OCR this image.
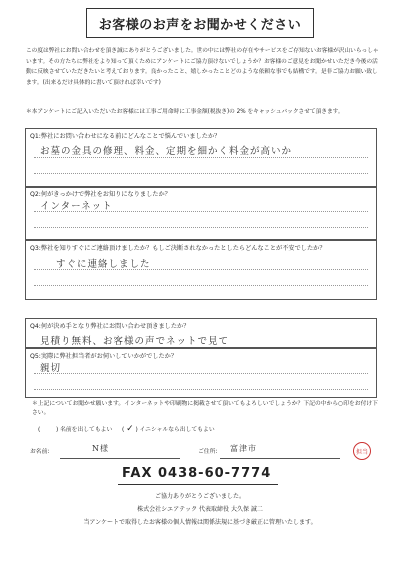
お客様のお声をお聞かせください
この度は弊社にお問い合わせを頂き誠にありがとうございました。世の中には弊社の存在やサービスをご存知ないお客様が沢山いらっしゃいます。その方たちに弊社をより知って頂くためにアンケートにご協力頂けないでしょうか？お客様のご意見をお聞かせいただき今後の活動に反映させていただきたいと考えております。良かったこと、嬉しかったことどのような依頼な事でも結構です。是非ご協力お願い致します。(出来るだけ具体的に書いて頂ければ幸いです)
＊本アンケートにご記入いただいたお客様には工事ご用命時に工事金額(税抜き)の 2% をキャッシュバックさせて頂きます。
Q1:弊社にお問い合わせになる前にどんなことで悩んでいましたか？
お墓の金具の修理、料金、定期を細かく料金が高いか
Q2:何がきっかけで弊社をお知りになりましたか？
インターネット
Q3:弊社を知りすぐにご連絡頂けましたか？もしご決断されなかったとしたらどんなことが不安でしたか？
すぐに連絡しました
Q4:何が決め手となり弊社にお問い合わせ頂きましたか？
見積り無料、お客様の声でネットで見て
Q5:実際に弊社担当者がお伺いしていかがでしたか？
親切
＊上記についてお聞かせ願います。インターネットや印刷物に掲載させて頂いてもよろしいでしょうか？下記の中から○印をお付け下さい。
(	) 名前を出してもよい ( ✓ ) イニシャルなら出してもよい
お名前:	N様	ご住所: 富津市	担当
FAX 0438-60-7774
ご協力ありがとうございました。
株式会社シエアテック 代表取締役 大久保 誠二
当アンケートで取得したお客様の個人情報は関係法規に基づき厳正に管理いたします。
